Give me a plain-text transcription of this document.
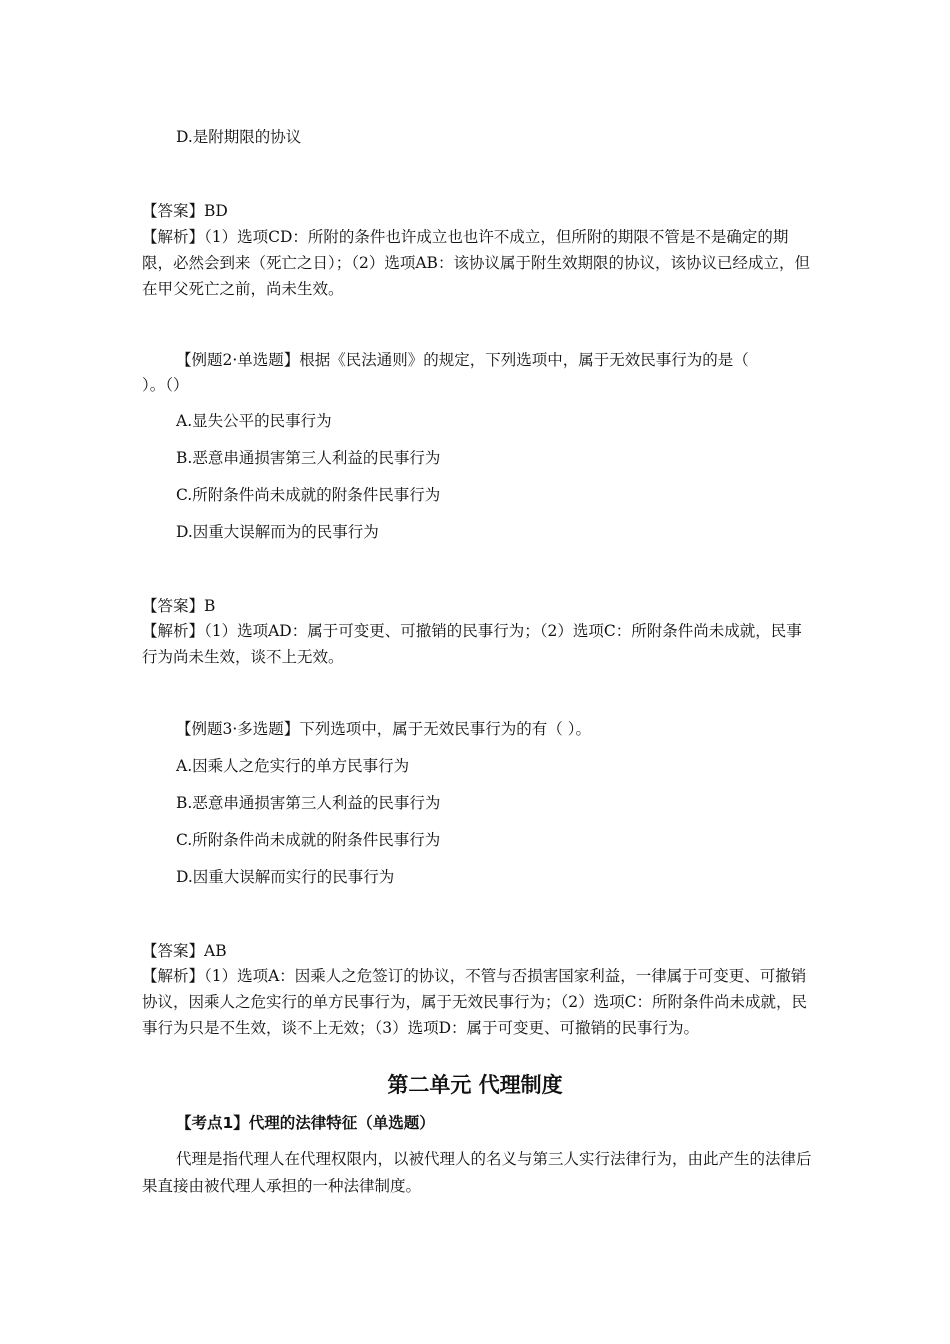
D.是附期限的协议
【答案】BD
【解析】（1）选项CD：所附的条件也许成立也也许不成立，但所附的期限不管是不是确定的期限，必然会到来（死亡之日）；（2）选项AB：该协议属于附生效期限的协议，该协议已经成立，但在甲父死亡之前，尚未生效。
【例题2·单选题】根据《民法通则》的规定，下列选项中，属于无效民事行为的是（
）。（）
A.显失公平的民事行为
B.恶意串通损害第三人利益的民事行为
C.所附条件尚未成就的附条件民事行为
D.因重大误解而为的民事行为
【答案】B
【解析】（1）选项AD：属于可变更、可撤销的民事行为；（2）选项C：所附条件尚未成就，民事行为尚未生效，谈不上无效。
【例题3·多选题】下列选项中，属于无效民事行为的有（ ）。
A.因乘人之危实行的单方民事行为
B.恶意串通损害第三人利益的民事行为
C.所附条件尚未成就的附条件民事行为
D.因重大误解而实行的民事行为
【答案】AB
【解析】（1）选项A：因乘人之危签订的协议，不管与否损害国家利益，一律属于可变更、可撤销协议，因乘人之危实行的单方民事行为，属于无效民事行为；（2）选项C：所附条件尚未成就，民事行为只是不生效，谈不上无效；（3）选项D：属于可变更、可撤销的民事行为。
第二单元 代理制度
【考点1】代理的法律特征（单选题）
代理是指代理人在代理权限内，以被代理人的名义与第三人实行法律行为，由此产生的法律后果直接由被代理人承担的一种法律制度。
